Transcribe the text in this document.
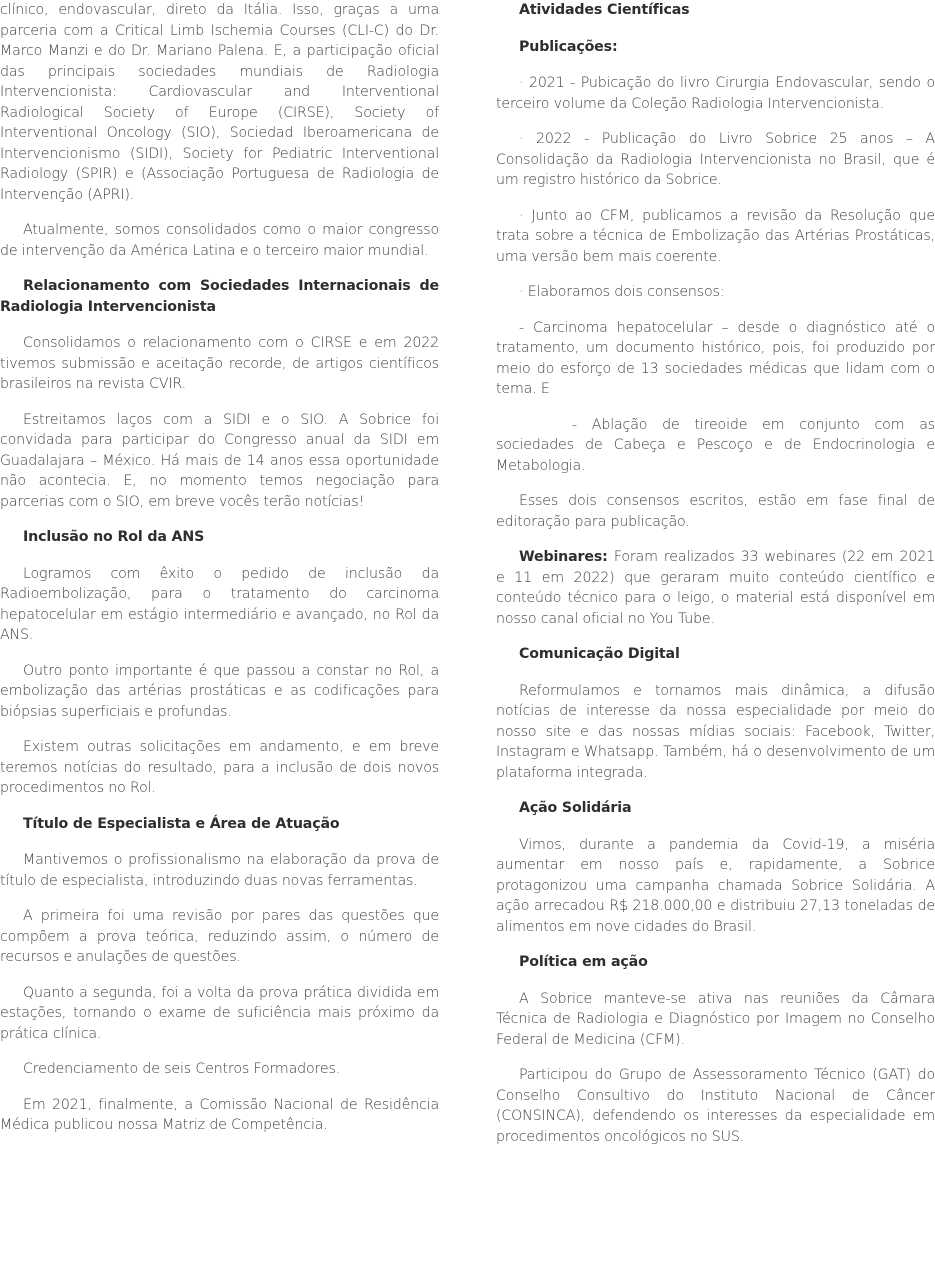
clínico, endovascular, direto da Itália. Isso, graças a uma parceria com a Critical Limb Ischemia Courses (CLI-C) do Dr. Marco Manzi e do Dr. Mariano Palena. E, a participação oficial das principais sociedades mundiais de Radiologia Intervencionista: Cardiovascular and Interventional Radiological Society of Europe (CIRSE), Society of Interventional Oncology (SIO), Sociedad Iberoamericana de Intervencionismo (SIDI), Society for Pediatric Interventional Radiology (SPIR) e (Associação Portuguesa de Radiologia de Intervenção (APRI).

Atualmente, somos consolidados como o maior congresso de intervenção da América Latina e o terceiro maior mundial.

Relacionamento com Sociedades Internacionais de Radiologia Intervencionista

Consolidamos o relacionamento com o CIRSE e em 2022 tivemos submissão e aceitação recorde, de artigos científicos brasileiros na revista CVIR.

Estreitamos laços com a SIDI e o SIO. A Sobrice foi convidada para participar do Congresso anual da SIDI em Guadalajara – México. Há mais de 14 anos essa oportunidade não acontecia. E, no momento temos negociação para parcerias com o SIO, em breve vocês terão notícias!

Inclusão no Rol da ANS

Logramos com êxito o pedido de inclusão da Radioembolização, para o tratamento do carcinoma hepatocelular em estágio intermediário e avançado, no Rol da ANS.

Outro ponto importante é que passou a constar no Rol, a embolização das artérias prostáticas e as codificações para biópsias superficiais e profundas.

Existem outras solicitações em andamento, e em breve teremos notícias do resultado, para a inclusão de dois novos procedimentos no Rol.

Título de Especialista e Área de Atuação

Mantivemos o profissionalismo na elaboração da prova de título de especialista, introduzindo duas novas ferramentas.

A primeira foi uma revisão por pares das questões que compõem a prova teórica, reduzindo assim, o número de recursos e anulações de questões.

Quanto a segunda, foi a volta da prova prática dividida em estações, tornando o exame de suficiência mais próximo da prática clínica.

Credenciamento de seis Centros Formadores.

Em 2021, finalmente, a Comissão Nacional de Residência Médica publicou nossa Matriz de Competência.

Atividades Científicas

Publicações:

· 2021 - Pubicação do livro Cirurgia Endovascular, sendo o terceiro volume da Coleção Radiologia Intervencionista.

· 2022 - Publicação do Livro Sobrice 25 anos – A Consolidação da Radiologia Intervencionista no Brasil, que é um registro histórico da Sobrice.

· Junto ao CFM, publicamos a revisão da Resolução que trata sobre a técnica de Embolização das Artérias Prostáticas, uma versão bem mais coerente.

· Elaboramos dois consensos:

- Carcinoma hepatocelular – desde o diagnóstico até o tratamento, um documento histórico, pois, foi produzido por meio do esforço de 13 sociedades médicas que lidam com o tema. E

- Ablação de tireoide em conjunto com as sociedades de Cabeça e Pescoço e de Endocrinologia e Metabologia.

Esses dois consensos escritos, estão em fase final de editoração para publicação.

Webinares: Foram realizados 33 webinares (22 em 2021 e 11 em 2022) que geraram muito conteúdo científico e conteúdo técnico para o leigo, o material está disponível em nosso canal oficial no You Tube.

Comunicação Digital

Reformulamos e tornamos mais dinâmica, a difusão notícias de interesse da nossa especialidade por meio do nosso site e das nossas mídias sociais: Facebook, Twitter, Instagram e Whatsapp. Também, há o desenvolvimento de um plataforma integrada.

Ação Solidária

Vimos, durante a pandemia da Covid-19, a miséria aumentar em nosso país e, rapidamente, a Sobrice protagonizou uma campanha chamada Sobrice Solidária. A ação arrecadou R$ 218.000,00 e distribuiu 27,13 toneladas de alimentos em nove cidades do Brasil.

Política em ação

A Sobrice manteve-se ativa nas reuniões da Câmara Técnica de Radiologia e Diagnóstico por Imagem no Conselho Federal de Medicina (CFM).

Participou do Grupo de Assessoramento Técnico (GAT) do Conselho Consultivo do Instituto Nacional de Câncer (CONSINCA), defendendo os interesses da especialidade em procedimentos oncológicos no SUS.
